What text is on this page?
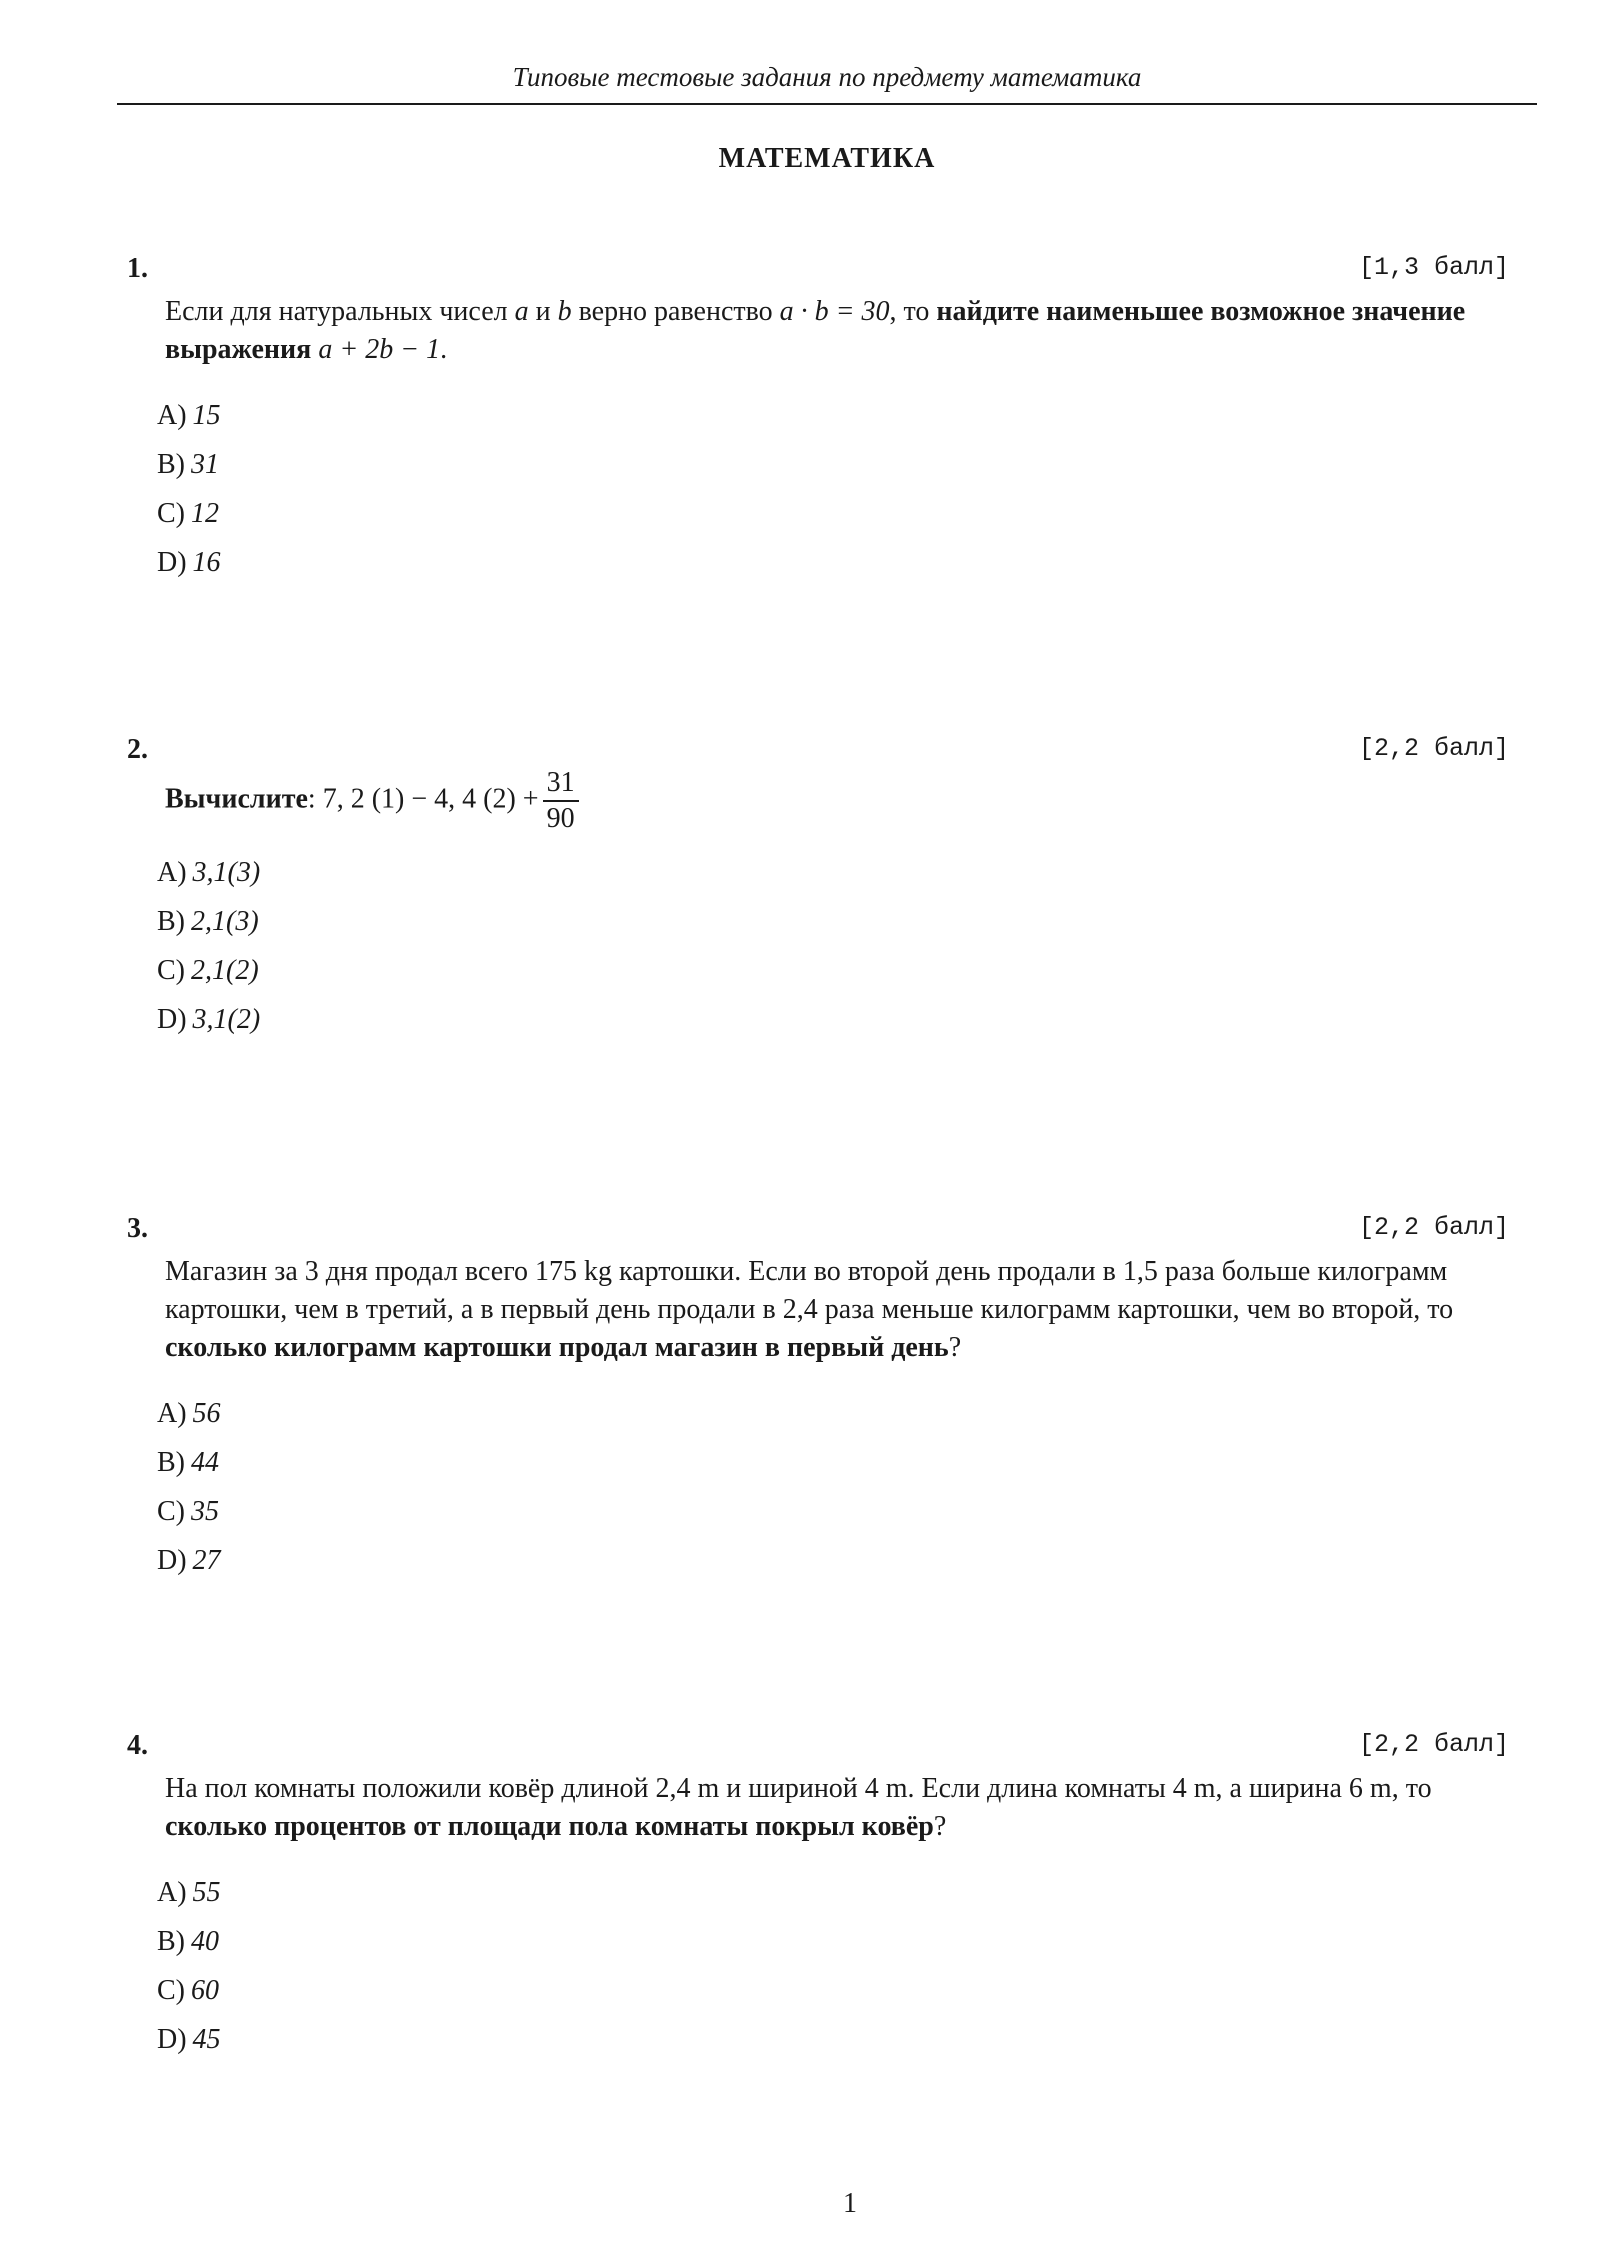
Типовые тестовые задания по предмету математика
МАТЕМАТИКА
1.	[1,3 балл]
Если для натуральных чисел a и b верно равенство a · b = 30, то найдите наименьшее возможное значение выражения a + 2b − 1.
A) 15
B) 31
C) 12
D) 16
2.	[2,2 балл]
Вычислите: 7, 2 (1) − 4, 4 $(2) + \frac{31}{90}$
A) 3,1(3)
B) 2,1(3)
C) 2,1(2)
D) 3,1(2)
3.	[2,2 балл]
Магазин за 3 дня продал всего 175 kg картошки. Если во второй день продали в 1,5 раза больше килограмм картошки, чем в третий, а в первый день продали в 2,4 раза меньше килограмм картошки, чем во второй, то сколько килограмм картошки продал магазин в первый день?
A) 56
B) 44
C) 35
D) 27
4.	[2,2 балл]
На пол комнаты положили ковёр длиной 2,4 m и шириной 4 m. Если длина комнаты 4 m, а ширина 6 m, то сколько процентов от площади пола комнаты покрыл ковёр?
A) 55
B) 40
C) 60
D) 45
1
